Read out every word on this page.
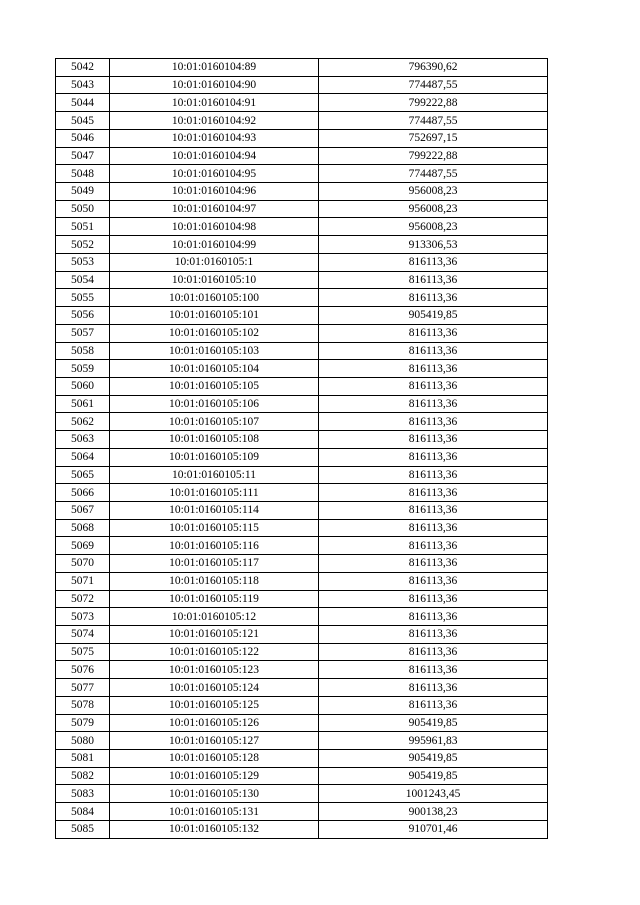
5042	10:01:0160104:89	796390,62
5043	10:01:0160104:90	774487,55
5044	10:01:0160104:91	799222,88
5045	10:01:0160104:92	774487,55
5046	10:01:0160104:93	752697,15
5047	10:01:0160104:94	799222,88
5048	10:01:0160104:95	774487,55
5049	10:01:0160104:96	956008,23
5050	10:01:0160104:97	956008,23
5051	10:01:0160104:98	956008,23
5052	10:01:0160104:99	913306,53
5053	10:01:0160105:1	816113,36
5054	10:01:0160105:10	816113,36
5055	10:01:0160105:100	816113,36
5056	10:01:0160105:101	905419,85
5057	10:01:0160105:102	816113,36
5058	10:01:0160105:103	816113,36
5059	10:01:0160105:104	816113,36
5060	10:01:0160105:105	816113,36
5061	10:01:0160105:106	816113,36
5062	10:01:0160105:107	816113,36
5063	10:01:0160105:108	816113,36
5064	10:01:0160105:109	816113,36
5065	10:01:0160105:11	816113,36
5066	10:01:0160105:111	816113,36
5067	10:01:0160105:114	816113,36
5068	10:01:0160105:115	816113,36
5069	10:01:0160105:116	816113,36
5070	10:01:0160105:117	816113,36
5071	10:01:0160105:118	816113,36
5072	10:01:0160105:119	816113,36
5073	10:01:0160105:12	816113,36
5074	10:01:0160105:121	816113,36
5075	10:01:0160105:122	816113,36
5076	10:01:0160105:123	816113,36
5077	10:01:0160105:124	816113,36
5078	10:01:0160105:125	816113,36
5079	10:01:0160105:126	905419,85
5080	10:01:0160105:127	995961,83
5081	10:01:0160105:128	905419,85
5082	10:01:0160105:129	905419,85
5083	10:01:0160105:130	1001243,45
5084	10:01:0160105:131	900138,23
5085	10:01:0160105:132	910701,46
